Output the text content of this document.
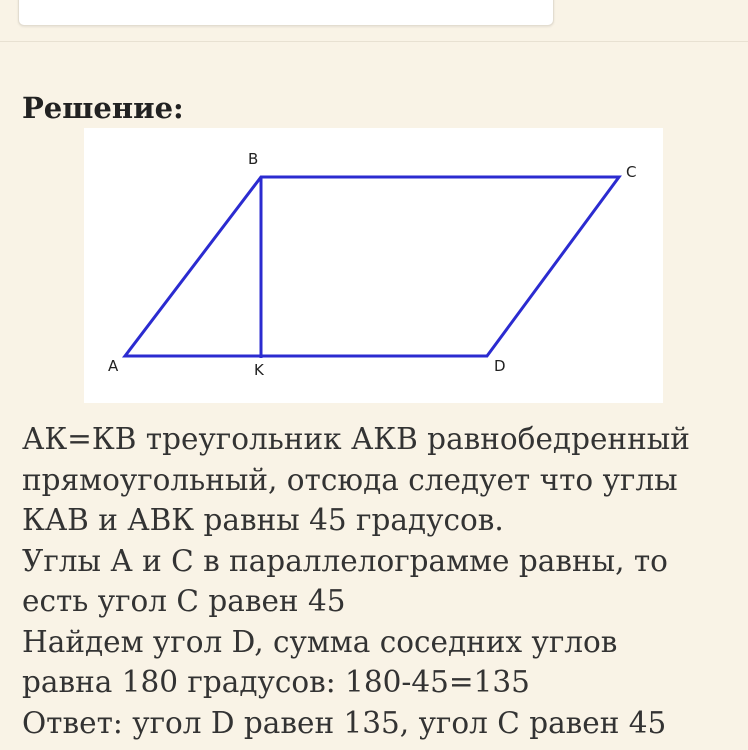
Решение:
A
B
C
D
K
АК=КВ треугольник АКВ равнобедренный
прямоугольный, отсюда следует что углы
КАВ и АВК равны 45 градусов.
Углы А и С в параллелограмме равны, то
есть угол С равен 45
Найдем угол D, сумма соседних углов
равна 180 градусов: 180-45=135
Ответ: угол D равен 135, угол С равен 45
